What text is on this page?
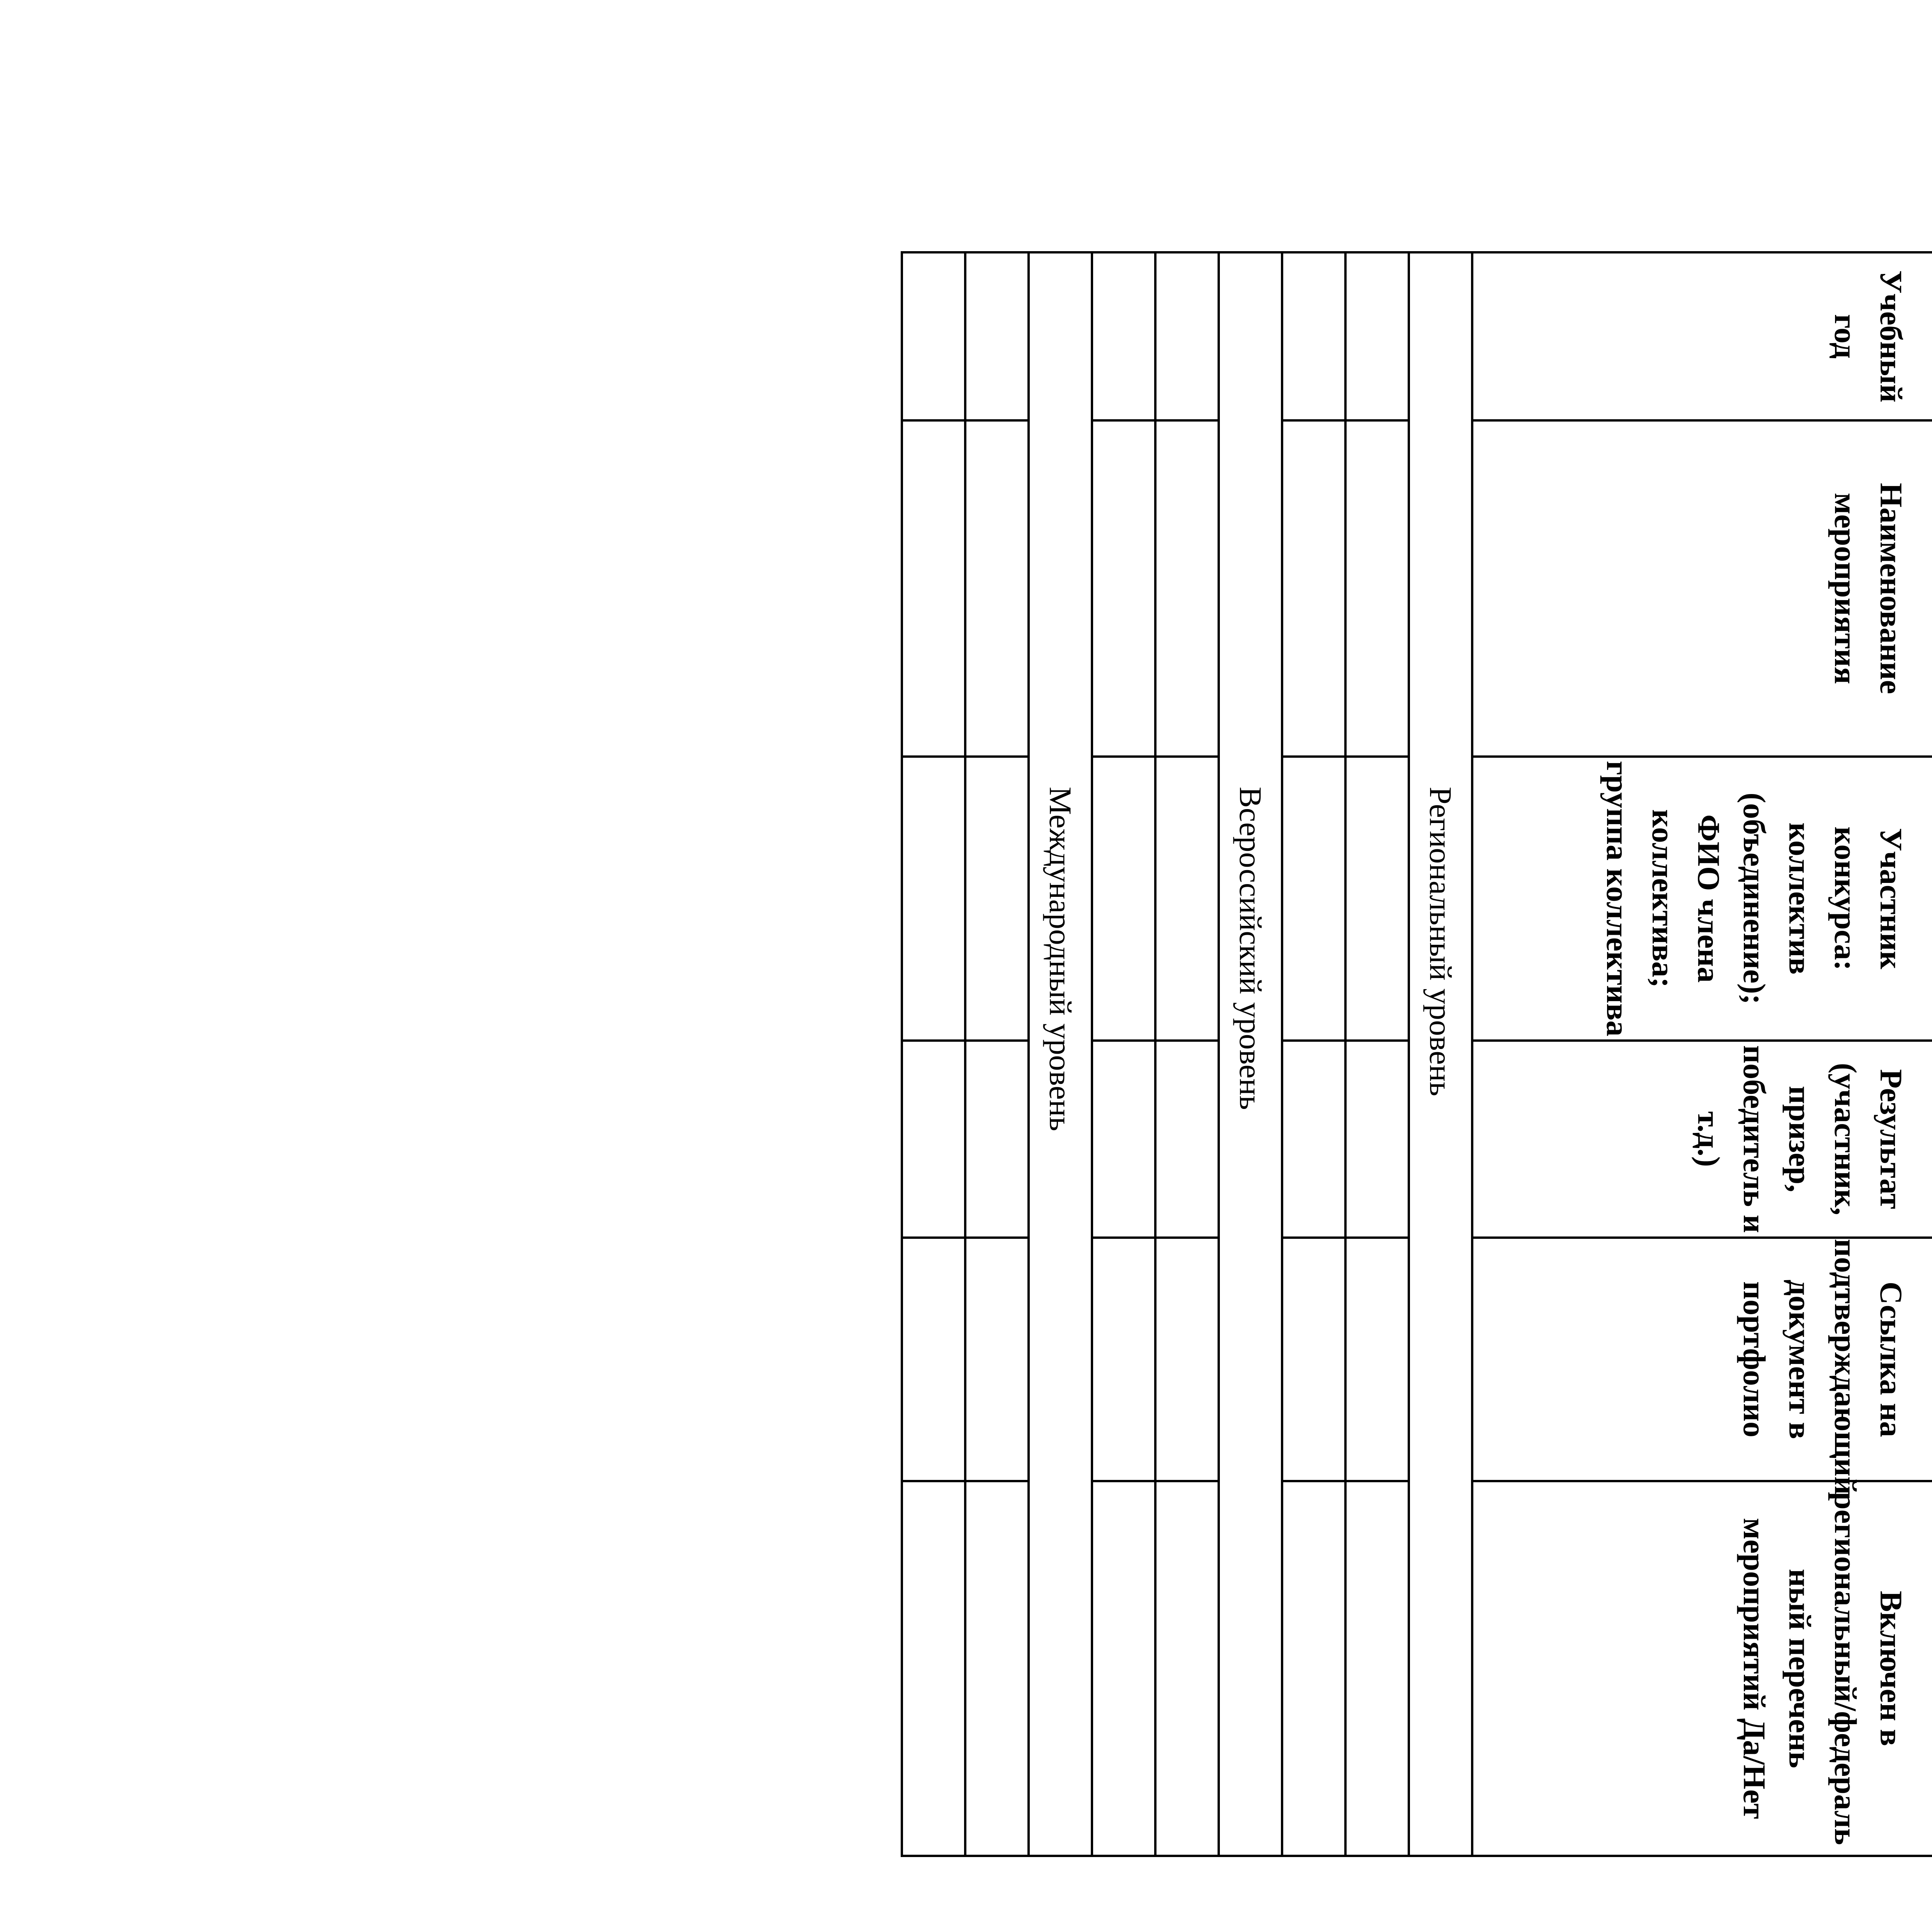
Учебный год	Наименование мероприятия	Участник конкурса: коллектив (объединение); ФИО члена коллектива; группа коллектива	Результат (участник, призер, победитель и т.д.)	Ссылка на подтверждающий документ в портфолио	Включен в региональный/федераль ный перечень мероприятий Да/Нет
Региональный уровень					

Всероссийский уровень					

Международный уровень					
